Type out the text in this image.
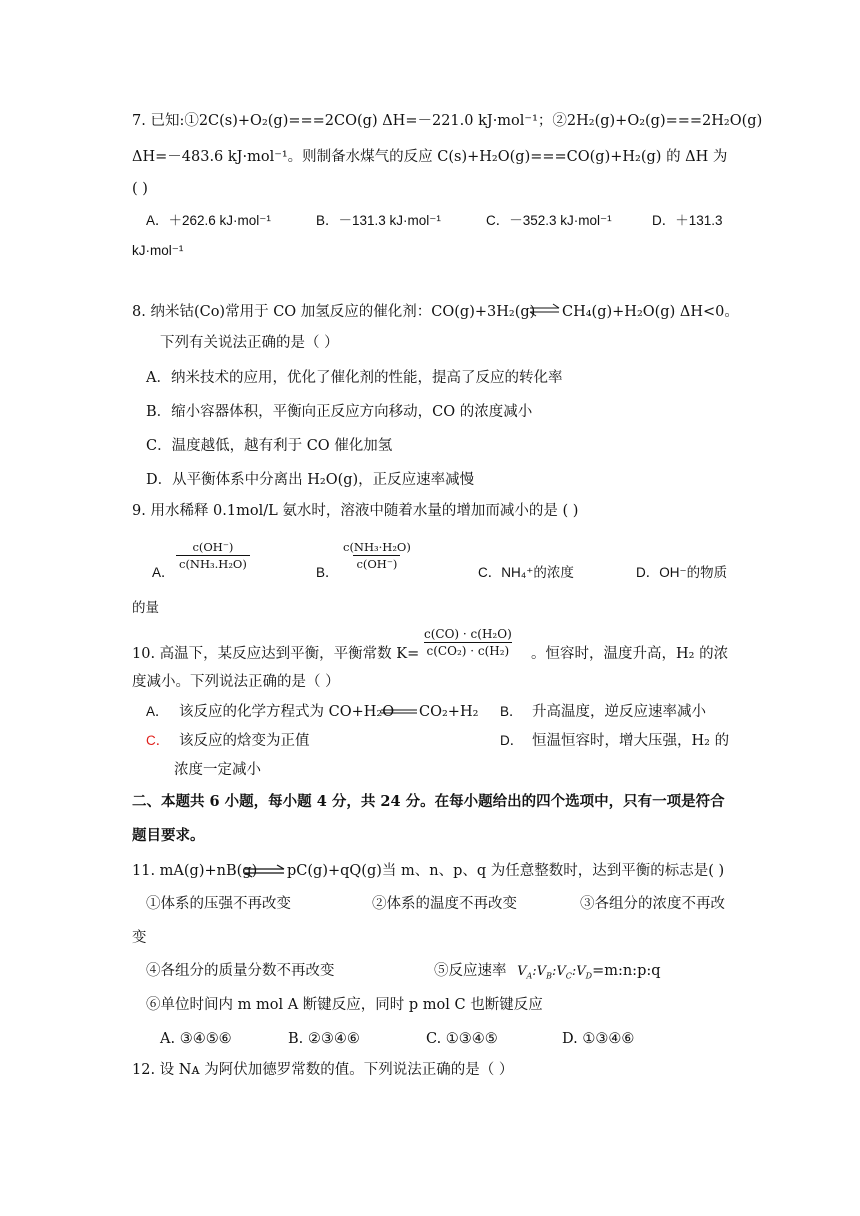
7. 已知:①2C(s)+O₂(g)===2CO(g) ΔH=－221.0 kJ·mol⁻¹；②2H₂(g)+O₂(g)===2H₂O(g)
ΔH=－483.6 kJ·mol⁻¹。则制备水煤气的反应 C(s)+H₂O(g)===CO(g)+H₂(g) 的 ΔH 为
( )
A．＋262.6 kJ·mol⁻¹	B．－131.3 kJ·mol⁻¹	C．－352.3 kJ·mol⁻¹	D．＋131.3
kJ·mol⁻¹
8. 纳米钴(Co)常用于 CO 加氢反应的催化剂：CO(g)+3H₂(g) ⇌ CH₄(g)+H₂O(g) ΔH<0。
下列有关说法正确的是（ ）
A．纳米技术的应用，优化了催化剂的性能，提高了反应的转化率
B．缩小容器体积，平衡向正反应方向移动，CO 的浓度减小
C．温度越低，越有利于 CO 催化加氢
D．从平衡体系中分离出 H₂O(g)，正反应速率减慢
9. 用水稀释 0.1mol/L 氨水时，溶液中随着水量的增加而减小的是 ( )
A．
$\frac{c(OH^-)}{\text{c(NH₃.H₂O)}}$
B．
$\frac{\text{c(NH₃·H₂O)}}{c(OH^-)}$
C．NH₄⁺的浓度	D．OH⁻的物质
的量
10. 高温下，某反应达到平衡，平衡常数 $K= \frac{\text{c(CO) · c(H₂O)}}{\text{c(CO₂) · c(H₂)}}$ 。恒容时，温度升高，H₂ 的浓
度减小。下列说法正确的是（ ）
A． 该反应的化学方程式为 CO+H₂O CO₂+H₂ B． 升高温度，逆反应速率减小
C． 该反应的焓变为正值	D． 恒温恒容时，增大压强，H₂ 的
浓度一定减小
二、本题共 6 小题，每小题 4 分，共 24 分。在每小题给出的四个选项中，只有一项是符合
题目要求。
11. mA(g)+nB(g) ⇌ pC(g)+qQ(g)当 m、n、p、q 为任意整数时，达到平衡的标志是( )
①体系的压强不再改变	②体系的温度不再改变	③各组分的浓度不再改
变
④各组分的质量分数不再改变	⑤反应速率 $V_A:V_B:V_C:V_D=m:n:p:q$
⑥单位时间内 m mol A 断键反应，同时 p mol C 也断键反应
A. ③④⑤⑥	B. ②③④⑥	C. ①③④⑤	D. ①③④⑥
12. 设 Nᴀ 为阿伏加德罗常数的值。下列说法正确的是（ ）
